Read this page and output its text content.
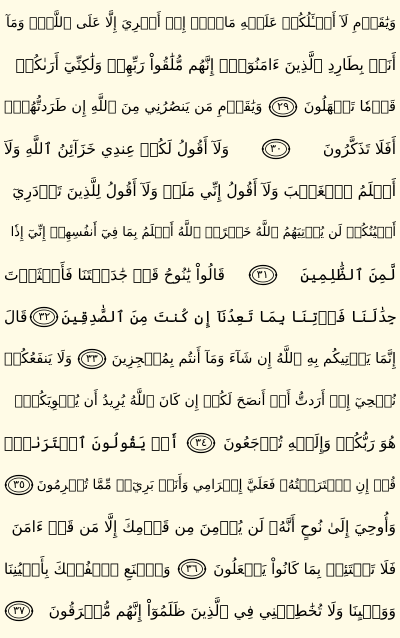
وَيَٰقَوۡمِ لَآ أَسۡـَٔلُكُمۡ عَلَيۡهِ مَالًاۖ إِنۡ أَجۡرِيَ إِلَّا عَلَى ٱللَّهِۚ وَمَآ
أَنَا۠ بِطَارِدِ ٱلَّذِينَ ءَامَنُوٓاْۚ إِنَّهُم مُّلَٰقُواْ رَبِّهِمۡ وَلَٰكِنِّيٓ أَرَىٰكُمۡ
قَوۡمٗا تَجۡهَلُونَ
٢٩
وَيَٰقَوۡمِ مَن يَنصُرُنِي مِنَ ٱللَّهِ إِن طَرَدتُّهُمۡۚ
أَفَلَا تَذَكَّرُونَ
٣٠
وَلَآ أَقُولُ لَكُمۡ عِندِي خَزَآئِنُ ٱللَّهِ وَلَآ
أَعۡلَمُ ٱلۡغَيۡبَ وَلَآ أَقُولُ إِنِّي مَلَكٞ وَلَآ أَقُولُ لِلَّذِينَ تَزۡدَرِيٓ
أَعۡيُنُكُمۡ لَن يُؤۡتِيَهُمُ ٱللَّهُ خَيۡرًاۖ ٱللَّهُ أَعۡلَمُ بِمَا فِيٓ أَنفُسِهِمۡ إِنِّيٓ إِذٗا
لَّمِنَ ٱلظَّٰلِمِينَ
٣١
قَالُواْ يَٰنُوحُ قَدۡ جَٰدَلۡتَنَا فَأَكۡثَرۡتَ
جِدَٰلَنَا فَأۡتِنَا بِمَا تَعِدُنَآ إِن كُنتَ مِنَ ٱلصَّٰدِقِينَ
٣٢
قَالَ
إِنَّمَا يَأۡتِيكُم بِهِ ٱللَّهُ إِن شَآءَ وَمَآ أَنتُم بِمُعۡجِزِينَ
٣٣
وَلَا يَنفَعُكُمۡ
نُصۡحِيٓ إِنۡ أَرَدتُّ أَنۡ أَنصَحَ لَكُمۡ إِن كَانَ ٱللَّهُ يُرِيدُ أَن يُغۡوِيَكُمۡۚ
هُوَ رَبُّكُمۡ وَإِلَيۡهِ تُرۡجَعُونَ
٣٤
أَمۡ يَقُولُونَ ٱفۡتَرَىٰهُۖ
قُلۡ إِنِ ٱفۡتَرَيۡتُهُۥ فَعَلَيَّ إِجۡرَامِي وَأَنَا۠ بَرِيٓءٞ مِّمَّا تُجۡرِمُونَ
٣٥
وَأُوحِيَ إِلَىٰ نُوحٍ أَنَّهُۥ لَن يُؤۡمِنَ مِن قَوۡمِكَ إِلَّا مَن قَدۡ ءَامَنَ
فَلَا تَبۡتَئِسۡ بِمَا كَانُواْ يَفۡعَلُونَ
٣٦
وَٱصۡنَعِ ٱلۡفُلۡكَ بِأَعۡيُنِنَا
وَوَحۡيِنَا وَلَا تُخَٰطِبۡنِي فِي ٱلَّذِينَ ظَلَمُوٓاْ إِنَّهُم مُّغۡرَقُونَ
٣٧
